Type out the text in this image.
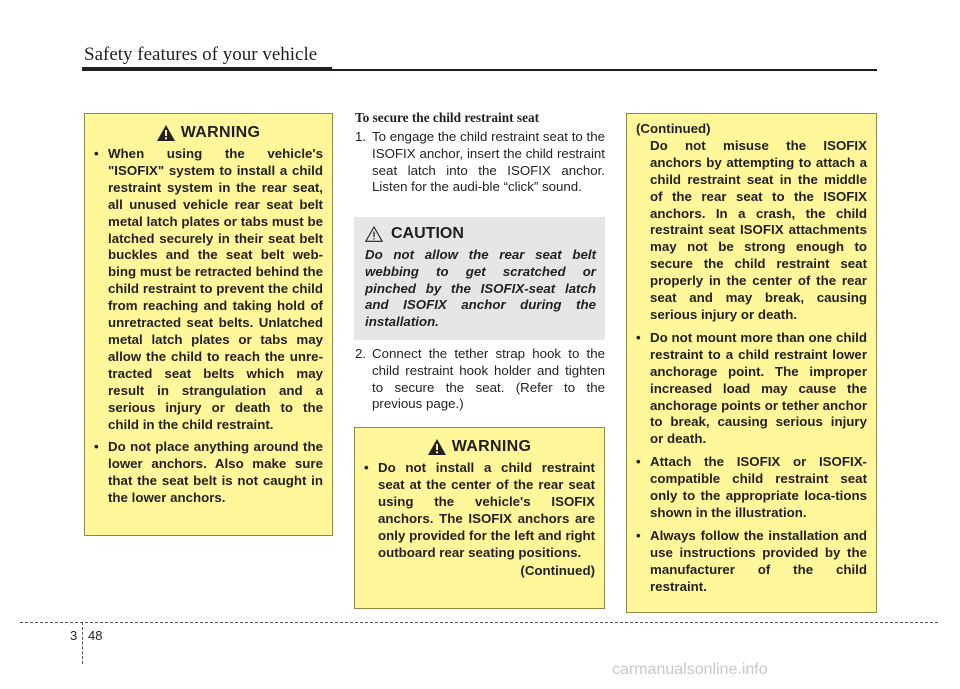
Safety features of your vehicle
WARNING
• When using the vehicle's "ISOFIX" system to install a child restraint system in the rear seat, all unused vehicle rear seat belt metal latch plates or tabs must be latched securely in their seat belt buckles and the seat belt web-bing must be retracted behind the child restraint to prevent the child from reaching and taking hold of unretracted seat belts. Unlatched metal latch plates or tabs may allow the child to reach the unre-tracted seat belts which may result in strangulation and a serious injury or death to the child in the child restraint.
• Do not place anything around the lower anchors. Also make sure that the seat belt is not caught in the lower anchors.
To secure the child restraint seat
1. To engage the child restraint seat to the ISOFIX anchor, insert the child restraint seat latch into the ISOFIX anchor. Listen for the audi-ble “click” sound.
CAUTION
Do not allow the rear seat belt webbing to get scratched or pinched by the ISOFIX-seat latch and ISOFIX anchor during the installation.
2. Connect the tether strap hook to the child restraint hook holder and tighten to secure the seat. (Refer to the previous page.)
WARNING
• Do not install a child restraint seat at the center of the rear seat using the vehicle's ISOFIX anchors. The ISOFIX anchors are only provided for the left and right outboard rear seating positions.
(Continued)
(Continued)
Do not misuse the ISOFIX anchors by attempting to attach a child restraint seat in the middle of the rear seat to the ISOFIX anchors. In a crash, the child restraint seat ISOFIX attachments may not be strong enough to secure the child restraint seat properly in the center of the rear seat and may break, causing serious injury or death.
• Do not mount more than one child restraint to a child restraint lower anchorage point. The improper increased load may cause the anchorage points or tether anchor to break, causing serious injury or death.
• Attach the ISOFIX or ISOFIX-compatible child restraint seat only to the appropriate loca-tions shown in the illustration.
• Always follow the installation and use instructions provided by the manufacturer of the child restraint.
3 48
carmanualsonline.info
